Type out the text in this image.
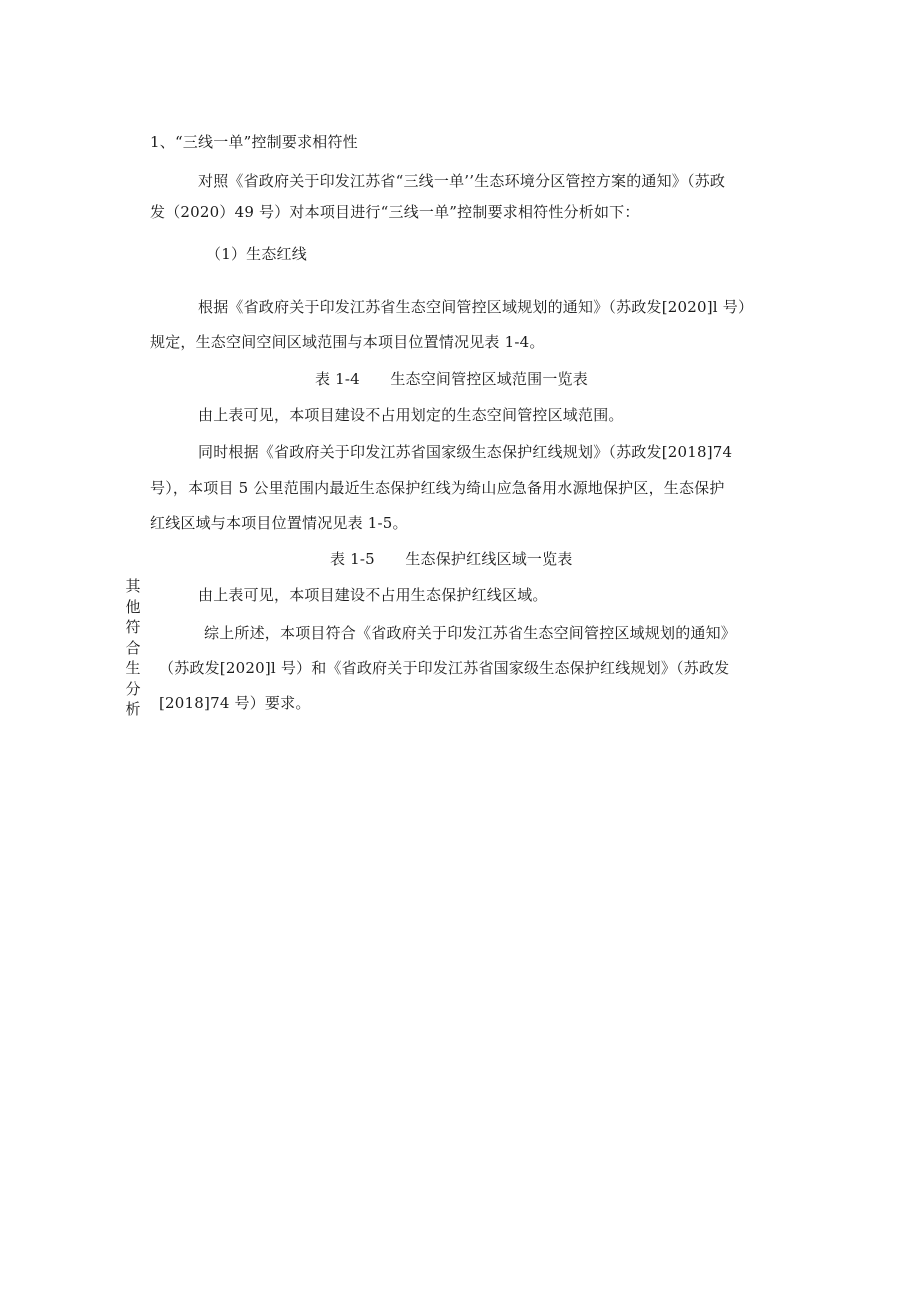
1、“三线一单”控制要求相符性

对照《省政府关于印发江苏省“三线一单’’生态环境分区管控方案的通知》（苏政

发（2020）49 号）对本项目进行“三线一单”控制要求相符性分析如下：

（1）生态红线

根据《省政府关于印发江苏省生态空间管控区域规划的通知》（苏政发[2020]l 号）

规定，生态空间空间区域范围与本项目位置情况见表 1-4。

表 1-4　　生态空间管控区域范围一览表

由上表可见，本项目建设不占用划定的生态空间管控区域范围。

同时根据《省政府关于印发江苏省国家级生态保护红线规划》（苏政发[2018]74

号），本项目 5 公里范围内最近生态保护红线为绮山应急备用水源地保护区，生态保护

红线区域与本项目位置情况见表 1-5。

表 1-5　　生态保护红线区域一览表

其
他
符
合
生
分
析

由上表可见，本项目建设不占用生态保护红线区域。

综上所述，本项目符合《省政府关于印发江苏省生态空间管控区域规划的通知》

（苏政发[2020]l 号）和《省政府关于印发江苏省国家级生态保护红线规划》（苏政发

[2018]74 号）要求。
